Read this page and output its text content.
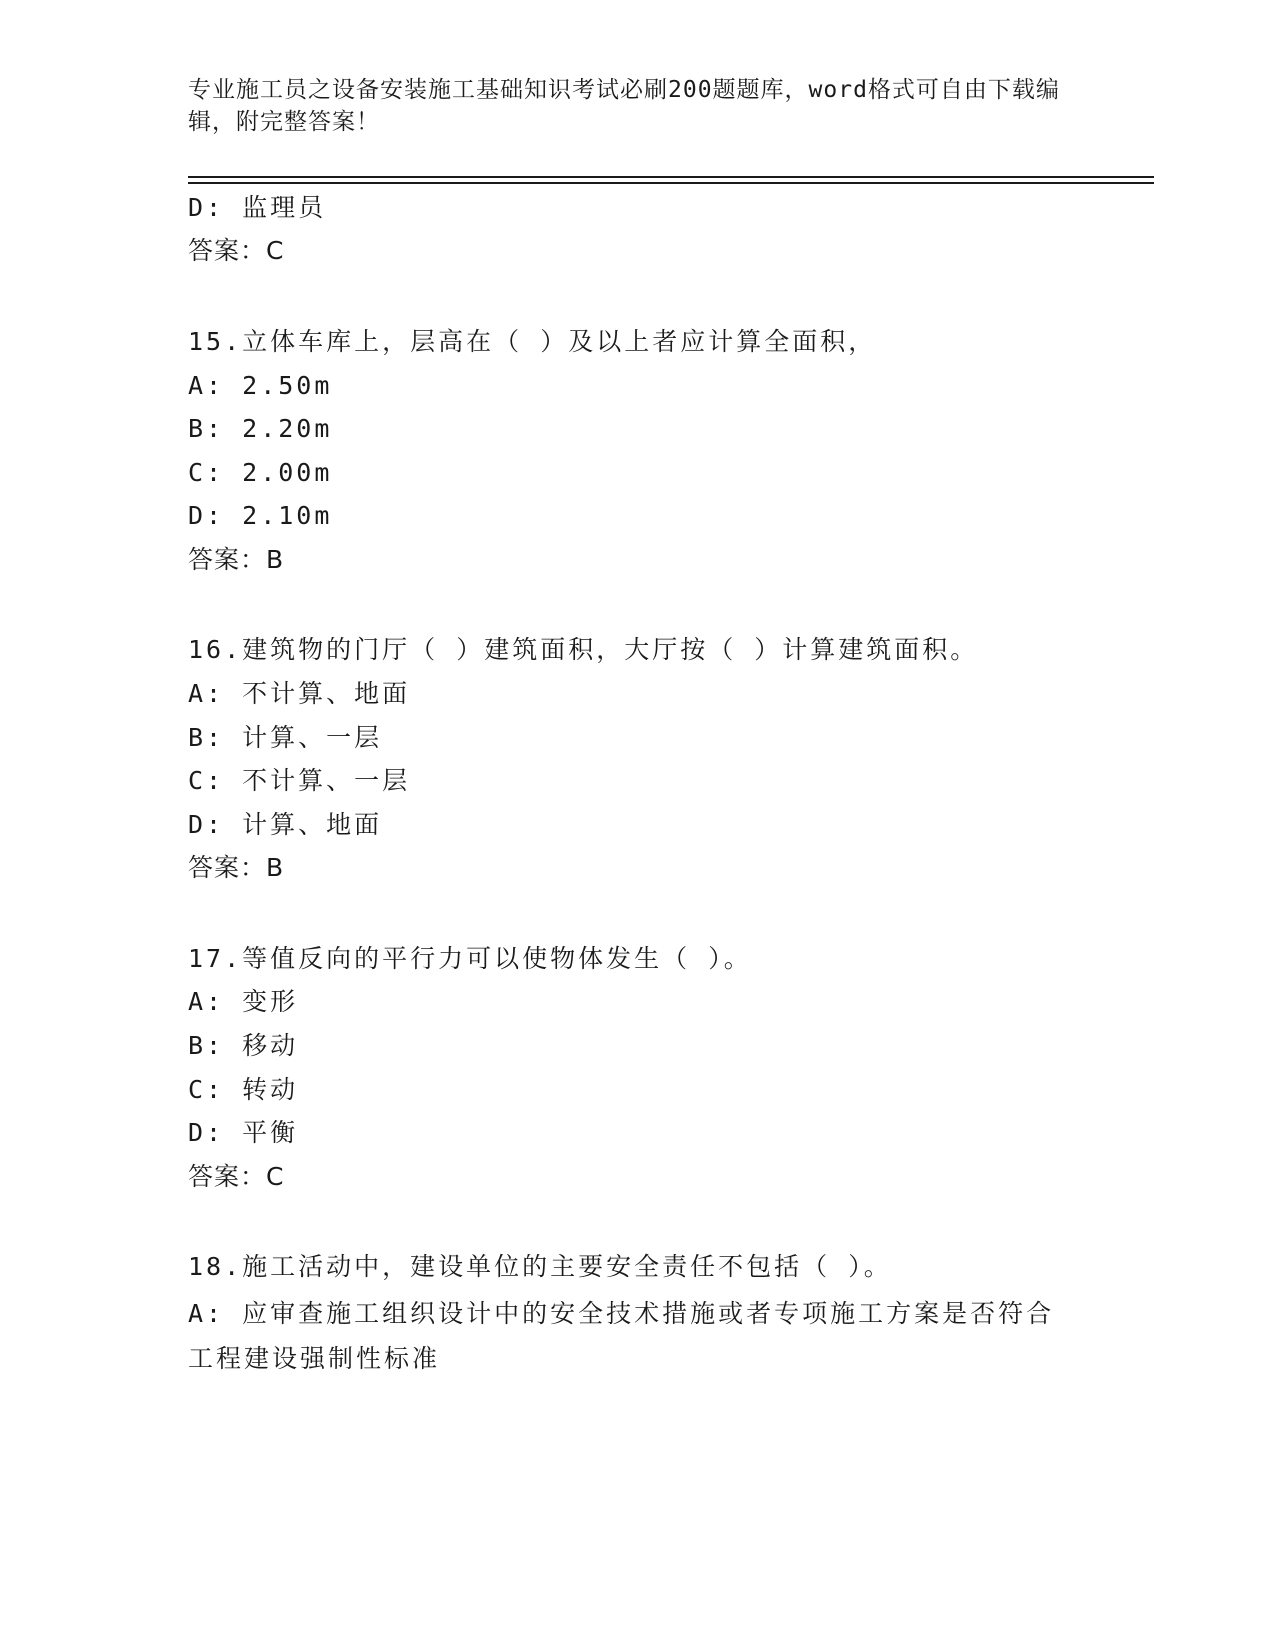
专业施工员之设备安装施工基础知识考试必刷200题题库，word格式可自由下载编辑，附完整答案！
D: 监理员
答案：C
15.立体车库上，层高在（ ）及以上者应计算全面积，
A: 2.50m
B: 2.20m
C: 2.00m
D: 2.10m
答案：B
16.建筑物的门厅（ ）建筑面积，大厅按（ ）计算建筑面积。
A: 不计算、地面
B: 计算、一层
C: 不计算、一层
D: 计算、地面
答案：B
17.等值反向的平行力可以使物体发生（ ）。
A: 变形
B: 移动
C: 转动
D: 平衡
答案：C
18.施工活动中，建设单位的主要安全责任不包括（ ）。
A: 应审查施工组织设计中的安全技术措施或者专项施工方案是否符合工程建设强制性标准
